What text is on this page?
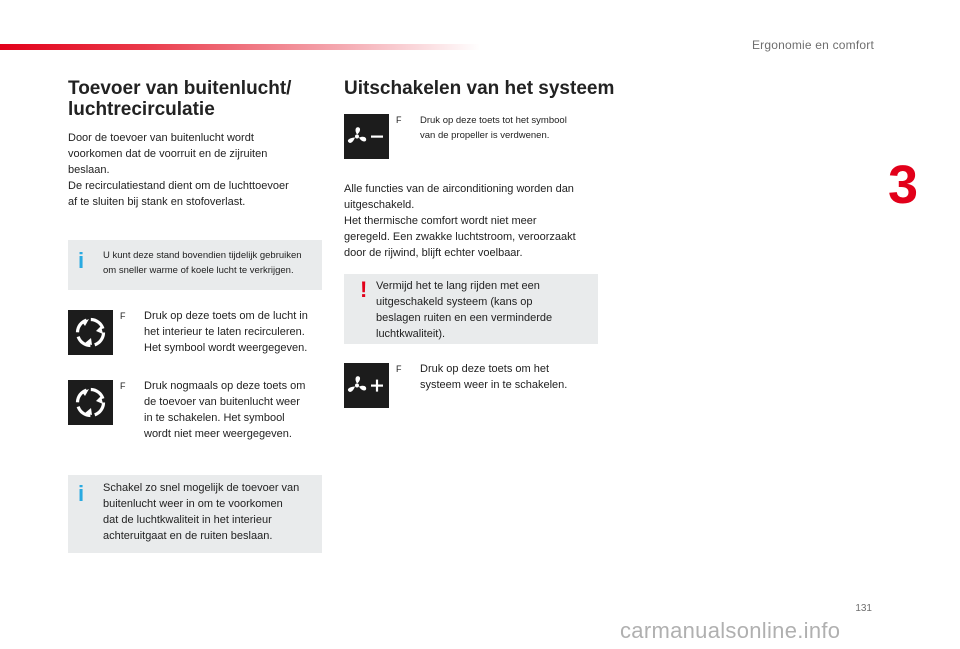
Ergonomie en comfort
3
Toevoer van buitenlucht/
luchtrecirculatie
Door de toevoer van buitenlucht wordt
voorkomen dat de voorruit en de zijruiten
beslaan.
De recirculatiestand dient om de luchttoevoer
af te sluiten bij stank en stofoverlast.
i U kunt deze stand bovendien tijdelijk gebruiken
om sneller warme of koele lucht te verkrijgen.
F Druk op deze toets om de lucht in
het interieur te laten recirculeren.
Het symbool wordt weergegeven.
F Druk nogmaals op deze toets om
de toevoer van buitenlucht weer
in te schakelen. Het symbool
wordt niet meer weergegeven.
i Schakel zo snel mogelijk de toevoer van
buitenlucht weer in om te voorkomen
dat de luchtkwaliteit in het interieur
achteruitgaat en de ruiten beslaan.
Uitschakelen van het systeem
F Druk op deze toets tot het symbool
van de propeller is verdwenen.
Alle functies van de airconditioning worden dan
uitgeschakeld.
Het thermische comfort wordt niet meer
geregeld. Een zwakke luchtstroom, veroorzaakt
door de rijwind, blijft echter voelbaar.
! Vermijd het te lang rijden met een
uitgeschakeld systeem (kans op
beslagen ruiten en een verminderde
luchtkwaliteit).
F Druk op deze toets om het
systeem weer in te schakelen.
131
carmanualsonline.info
